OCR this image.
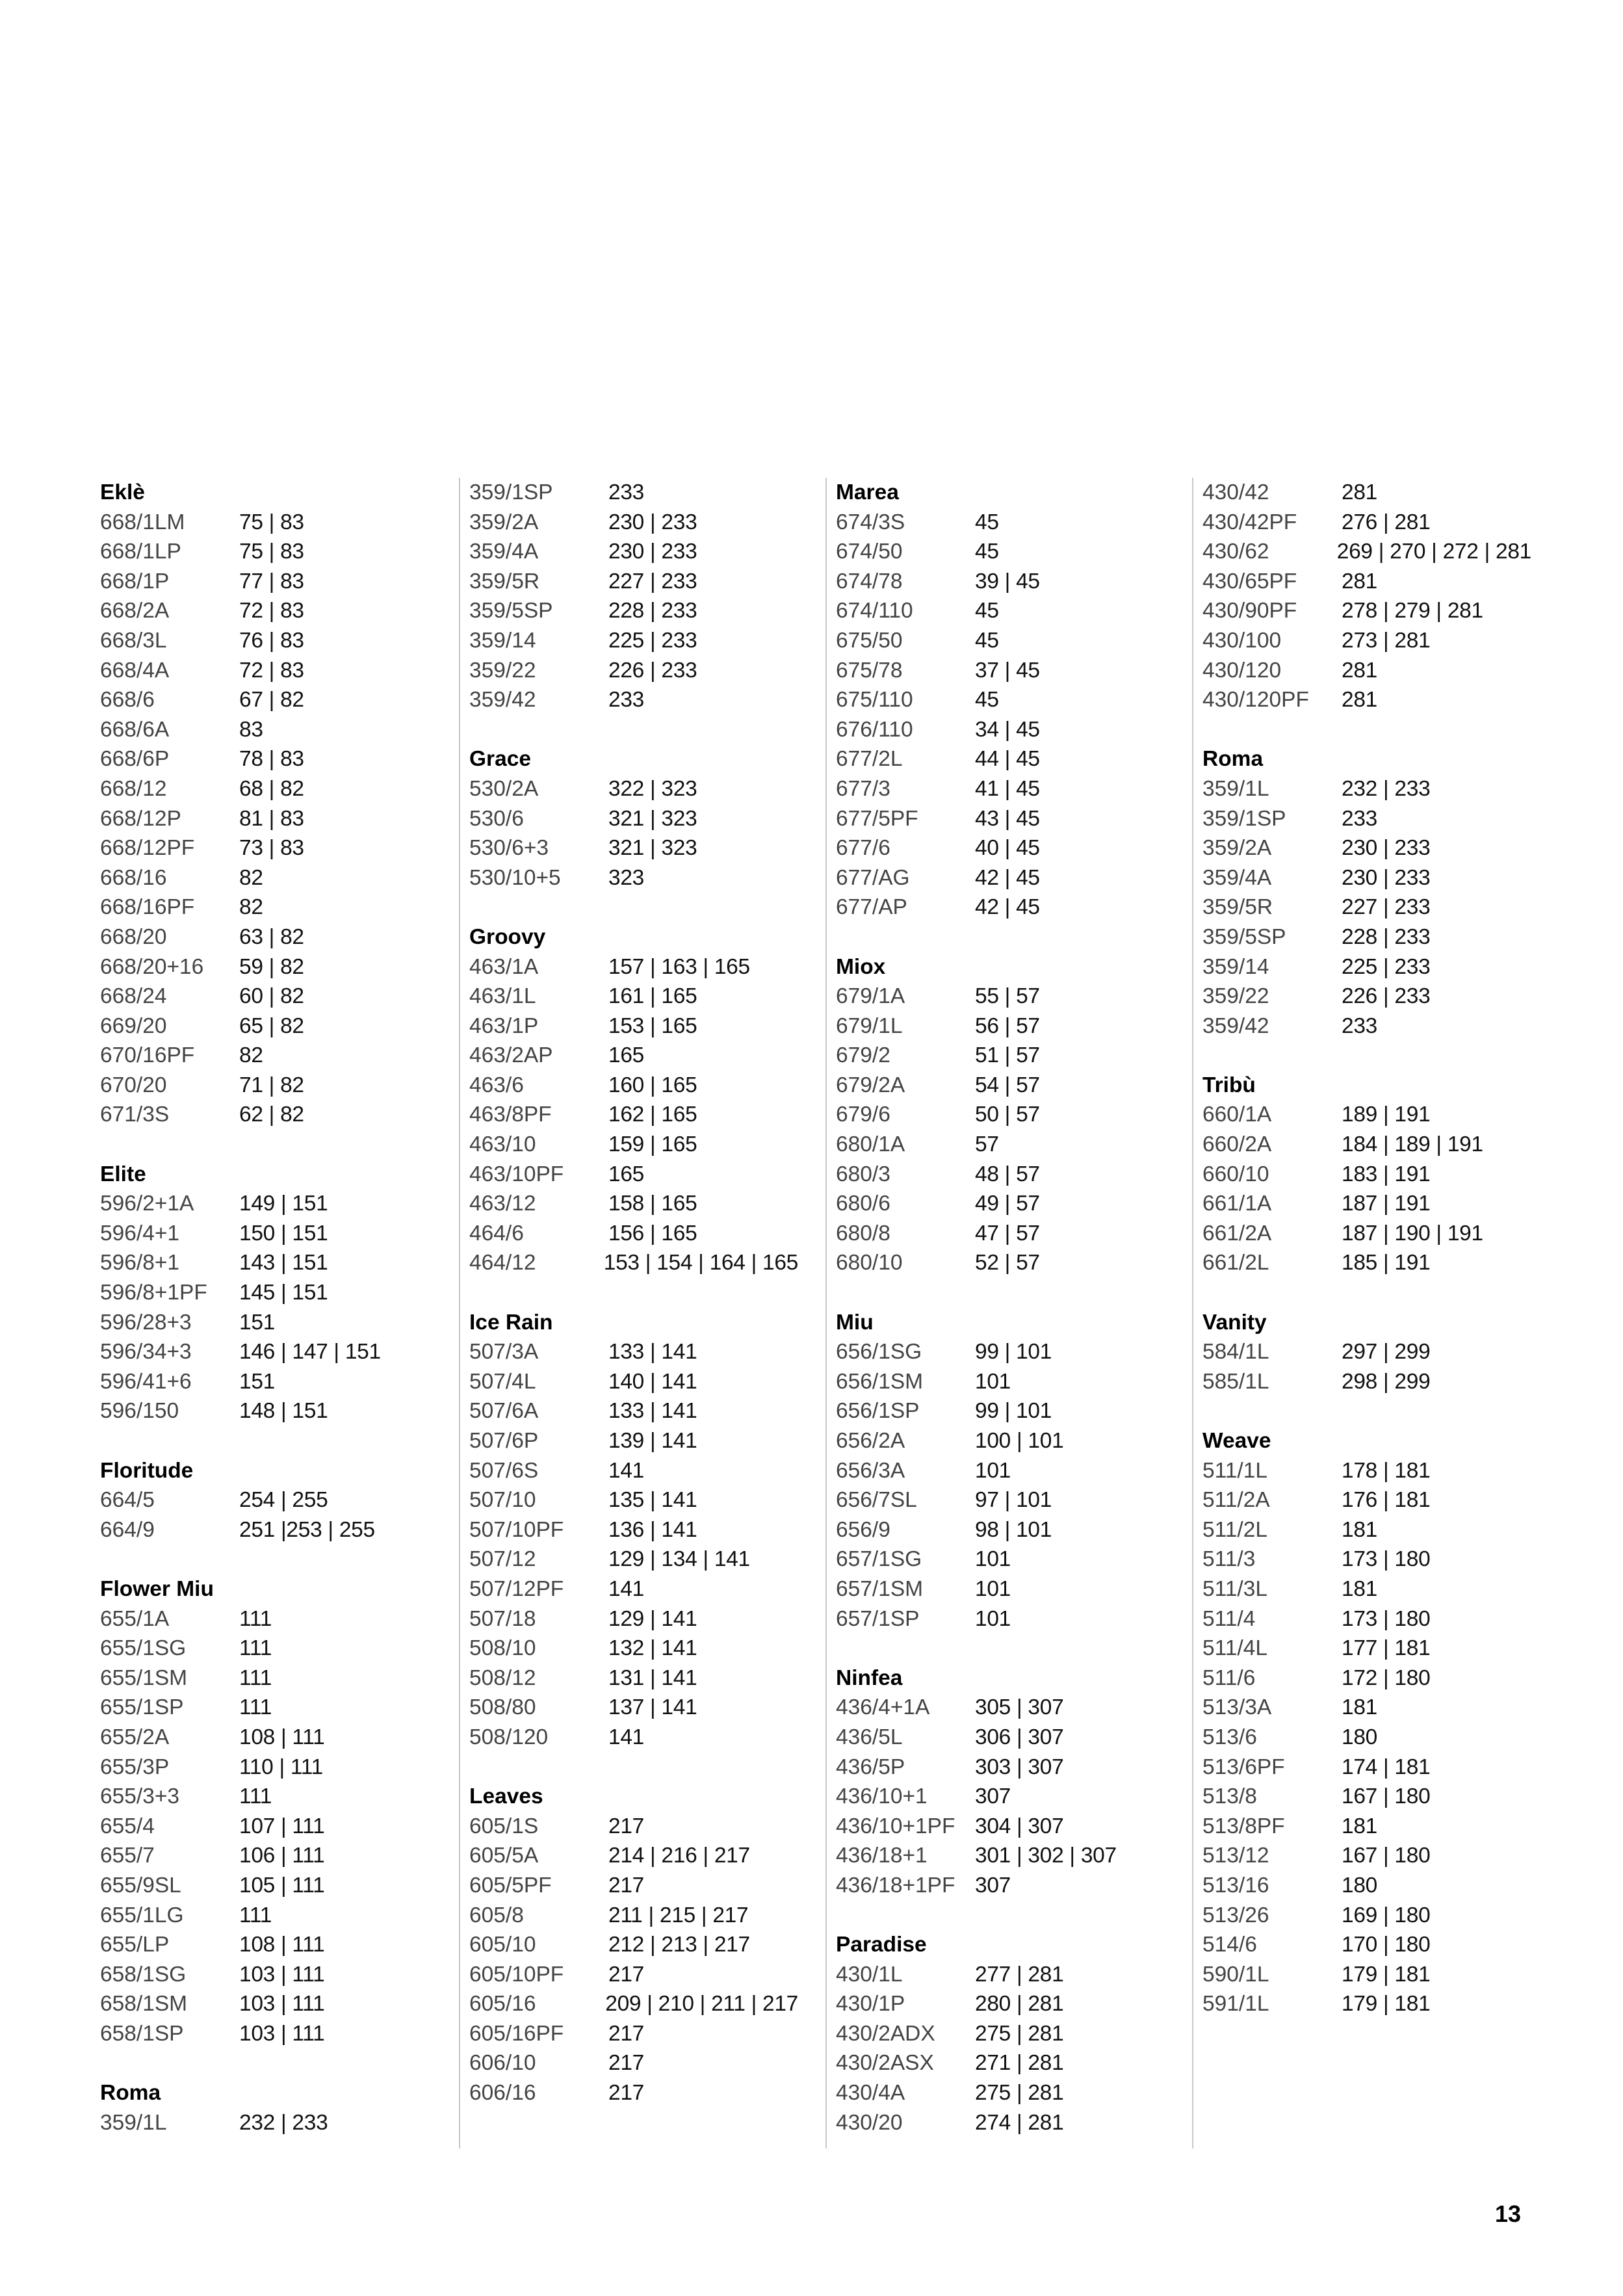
Eklè
668/1LM	75 | 83
668/1LP	75 | 83
668/1P	77 | 83
668/2A	72 | 83
668/3L	76 | 83
668/4A	72 | 83
668/6	67 | 82
668/6A	83
668/6P	78 | 83
668/12	68 | 82
668/12P	81 | 83
668/12PF	73 | 83
668/16	82
668/16PF	82
668/20	63 | 82
668/20+16	59 | 82
668/24	60 | 82
669/20	65 | 82
670/16PF	82
670/20	71 | 82
671/3S	62 | 82
Elite
596/2+1A	149 | 151
596/4+1	150 | 151
596/8+1	143 | 151
596/8+1PF	145 | 151
596/28+3	151
596/34+3	146 | 147 | 151
596/41+6	151
596/150	148 | 151
Floritude
664/5	254 | 255
664/9	251 |253 | 255
Flower Miu
655/1A	111
655/1SG	111
655/1SM	111
655/1SP	111
655/2A	108 | 111
655/3P	110 | 111
655/3+3	111
655/4	107 | 111
655/7	106 | 111
655/9SL	105 | 111
655/1LG	111
655/LP	108 | 111
658/1SG	103 | 111
658/1SM	103 | 111
658/1SP	103 | 111
Roma
359/1L	232 | 233
359/1SP	233
359/2A	230 | 233
359/4A	230 | 233
359/5R	227 | 233
359/5SP	228 | 233
359/14	225 | 233
359/22	226 | 233
359/42	233
Grace
530/2A	322 | 323
530/6	321 | 323
530/6+3	321 | 323
530/10+5	323
Groovy
463/1A	157 | 163 | 165
463/1L	161 | 165
463/1P	153 | 165
463/2AP	165
463/6	160 | 165
463/8PF	162 | 165
463/10	159 | 165
463/10PF	165
463/12	158 | 165
464/6	156 | 165
464/12	153 | 154 | 164 | 165
Ice Rain
507/3A	133 | 141
507/4L	140 | 141
507/6A	133 | 141
507/6P	139 | 141
507/6S	141
507/10	135 | 141
507/10PF	136 | 141
507/12	129 | 134 | 141
507/12PF	141
507/18	129 | 141
508/10	132 | 141
508/12	131 | 141
508/80	137 | 141
508/120	141
Leaves
605/1S	217
605/5A	214 | 216 | 217
605/5PF	217
605/8	211 | 215 | 217
605/10	212 | 213 | 217
605/10PF	217
605/16	209 | 210 | 211 | 217
605/16PF	217
606/10	217
606/16	217
Marea
674/3S	45
674/50	45
674/78	39 | 45
674/110	45
675/50	45
675/78	37 | 45
675/110	45
676/110	34 | 45
677/2L	44 | 45
677/3	41 | 45
677/5PF	43 | 45
677/6	40 | 45
677/AG	42 | 45
677/AP	42 | 45
Miox
679/1A	55 | 57
679/1L	56 | 57
679/2	51 | 57
679/2A	54 | 57
679/6	50 | 57
680/1A	57
680/3	48 | 57
680/6	49 | 57
680/8	47 | 57
680/10	52 | 57
Miu
656/1SG	99 | 101
656/1SM	101
656/1SP	99 | 101
656/2A	100 | 101
656/3A	101
656/7SL	97 | 101
656/9	98 | 101
657/1SG	101
657/1SM	101
657/1SP	101
Ninfea
436/4+1A	305 | 307
436/5L	306 | 307
436/5P	303 | 307
436/10+1	307
436/10+1PF 304 | 307
436/18+1	301 | 302 | 307
436/18+1PF 307
Paradise
430/1L	277 | 281
430/1P	280 | 281
430/2ADX	275 | 281
430/2ASX	271 | 281
430/4A	275 | 281
430/20	274 | 281
430/42	281
430/42PF	276 | 281
430/62	269 | 270 | 272 | 281
430/65PF	281
430/90PF	278 | 279 | 281
430/100	273 | 281
430/120	281
430/120PF	281
Roma
359/1L	232 | 233
359/1SP	233
359/2A	230 | 233
359/4A	230 | 233
359/5R	227 | 233
359/5SP	228 | 233
359/14	225 | 233
359/22	226 | 233
359/42	233
Tribù
660/1A	189 | 191
660/2A	184 | 189 | 191
660/10	183 | 191
661/1A	187 | 191
661/2A	187 | 190 | 191
661/2L	185 | 191
Vanity
584/1L	297 | 299
585/1L	298 | 299
Weave
511/1L	178 | 181
511/2A	176 | 181
511/2L	181
511/3	173 | 180
511/3L	181
511/4	173 | 180
511/4L	177 | 181
511/6	172 | 180
513/3A	181
513/6	180
513/6PF	174 | 181
513/8	167 | 180
513/8PF	181
513/12	167 | 180
513/16	180
513/26	169 | 180
514/6	170 | 180
590/1L	179 | 181
591/1L	179 | 181
13
